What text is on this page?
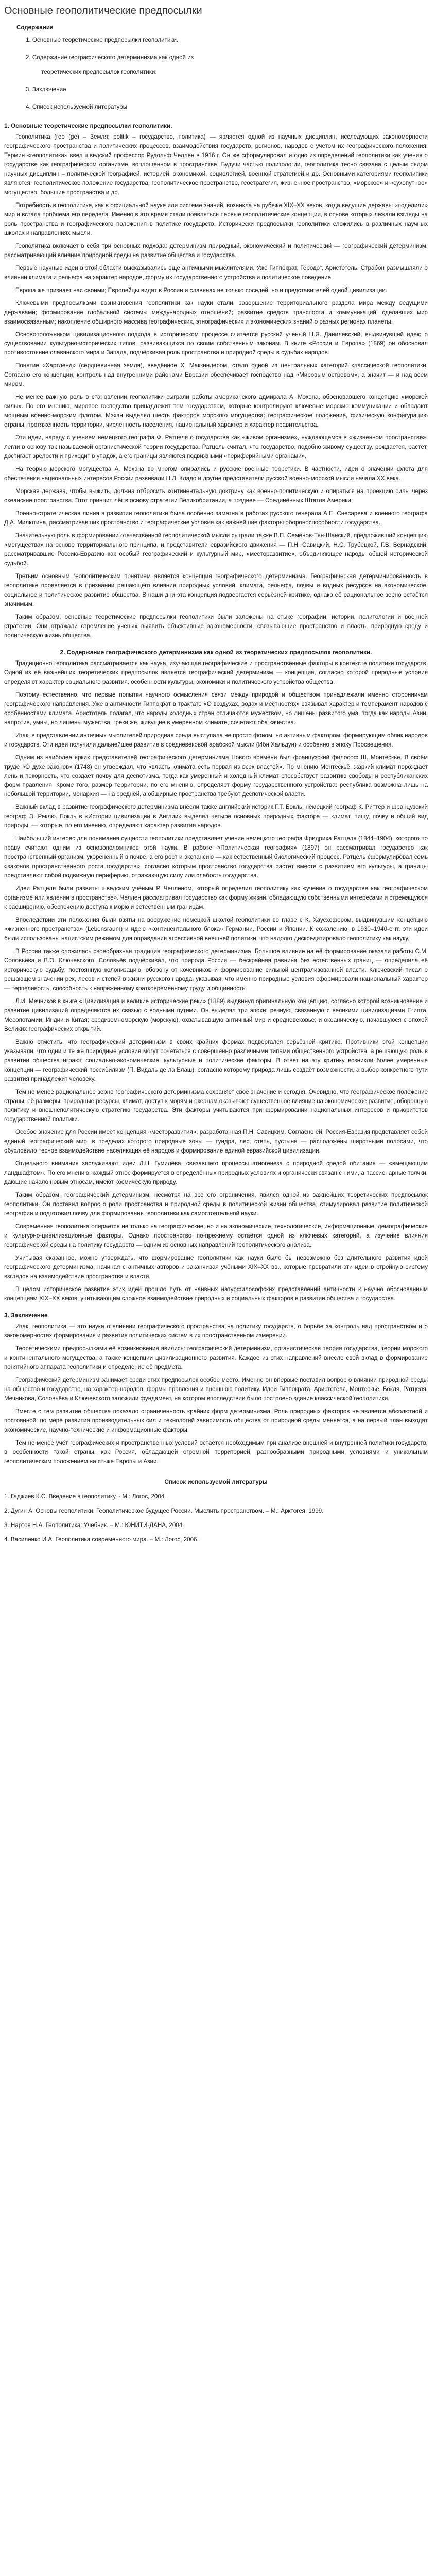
Основные геополитические предпосылки
Содержание
1. Основные теоретические предпосылки геополитики.
2. Содержание географического детерминизма как одной из
теоретических предпосылок геополитики.
3. Заключение
4. Список используемой литературы
1. Основные теоретические предпосылки геополитики.

Геополитика (гео (ge) – Земля; politik – государство, политика) — является одной из научных дисциплин, исследующих закономерности географического пространства и политических процессов, взаимодействия государств, регионов, народов с учетом их географического положения. Термин «геополитика» ввел шведский профессор Рудольф Челлен в 1916 г. Он же сформулировал и одно из определений геополитики как учения о государстве как географическом организме, воплощенном в пространстве. Будучи частью политологии, геополитика тесно связана с целым рядом научных дисциплин – политической географией, историей, экономикой, социологией, военной стратегией и др. Основными категориями геополитики являются: геополитическое положение государства, геополитическое пространство, геостратегия, жизненное пространство, «морское» и «сухопутное» могущество, большие пространства и др.

Потребность в геополитике, как в официальной науке или системе знаний, возникла на рубеже XIX–XX веков, когда ведущие державы «поделили» мир и встала проблема его передела. Именно в это время стали появляться первые геополитические концепции, в основе которых лежали взгляды на роль пространства и географического положения в политике государств. Исторически предпосылки геополитики сложились в различных научных школах и направлениях мысли.

Геополитика включает в себя три основных подхода: детерминизм природный, экономический и политический — географический детерминизм, рассматривающий влияние природной среды на развитие общества и государства.

Первые научные идеи в этой области высказывались ещё античными мыслителями. Уже Гиппократ, Геродот, Аристотель, Страбон размышляли о влиянии климата и рельефа на характер народов, форму их государственного устройства и политическое поведение.

Европа же признает нас своими; Европейцы видят в России и славянах не только соседей, но и представителей одной цивилизации.

Ключевыми предпосылками возникновения геополитики как науки стали: завершение территориального раздела мира между ведущими державами; формирование глобальной системы международных отношений; развитие средств транспорта и коммуникаций, сделавших мир взаимосвязанным; накопление обширного массива географических, этнографических и экономических знаний о разных регионах планеты.

Основоположником цивилизационного подхода в историческом процессе считается русский ученый Н.Я. Данилевский, выдвинувший идею о существовании культурно-исторических типов, развивающихся по своим собственным законам. В книге «Россия и Европа» (1869) он обосновал противостояние славянского мира и Запада, подчёркивая роль пространства и природной среды в судьбах народов.

Понятие «Хартленд» (сердцевинная земля), введённое Х. Маккиндером, стало одной из центральных категорий классической геополитики. Согласно его концепции, контроль над внутренними районами Евразии обеспечивает господство над «Мировым островом», а значит — и над всем миром.

Не менее важную роль в становлении геополитики сыграли работы американского адмирала А. Мэхэна, обосновавшего концепцию «морской силы». По его мнению, мировое господство принадлежит тем государствам, которые контролируют ключевые морские коммуникации и обладают мощным военно-морским флотом. Мэхэн выделял шесть факторов морского могущества: географическое положение, физическую конфигурацию страны, протяжённость территории, численность населения, национальный характер и характер правительства.

Эти идеи, наряду с учением немецкого географа Ф. Ратцеля о государстве как «живом организме», нуждающемся в «жизненном пространстве», легли в основу так называемой органистической теории государства. Ратцель считал, что государство, подобно живому существу, рождается, растёт, достигает зрелости и приходит в упадок, а его границы являются подвижными «периферийными органами».

На теорию морского могущества А. Мэхэна во многом опирались и русские военные теоретики. В частности, идеи о значении флота для обеспечения национальных интересов России развивали Н.Л. Кладо и другие представители русской военно-морской мысли начала XX века.

Морская держава, чтобы выжить, должна отбросить континентальную доктрину как военно-политическую и опираться на проекцию силы через океанские пространства. Этот принцип лёг в основу стратегии Великобритании, а позднее — Соединённых Штатов Америки.

Военно-стратегическая линия в развитии геополитики была особенно заметна в работах русского генерала А.Е. Снесарева и военного географа Д.А. Милютина, рассматривавших пространство и географические условия как важнейшие факторы обороноспособности государства.

Значительную роль в формировании отечественной геополитической мысли сыграли также В.П. Семёнов-Тян-Шанский, предложивший концепцию «могущества» на основе территориального принципа, и представители евразийского движения — П.Н. Савицкий, Н.С. Трубецкой, Г.В. Вернадский, рассматривавшие Россию-Евразию как особый географический и культурный мир, «месторазвитие», объединяющее народы общей исторической судьбой.

Третьим основным геополитическим понятием является концепция географического детерминизма. Географическая детерминированность в геополитике проявляется в признании решающего влияния природных условий, климата, рельефа, почвы и водных ресурсов на экономическое, социальное и политическое развитие общества. В наши дни эта концепция подвергается серьёзной критике, однако её рациональное зерно остаётся значимым.

Таким образом, основные теоретические предпосылки геополитики были заложены на стыке географии, истории, политологии и военной стратегии. Они отражали стремление учёных выявить объективные закономерности, связывающие пространство и власть, природную среду и политическую жизнь общества.

2. Содержание географического детерминизма как одной из теоретических предпосылок геополитики.

Традиционно геополитика рассматривается как наука, изучающая географические и пространственные факторы в контексте политики государств. Одной из её важнейших теоретических предпосылок является географический детерминизм — концепция, согласно которой природные условия определяют характер социального развития, особенности культуры, экономики и политического устройства общества.

Поэтому естественно, что первые попытки научного осмысления связи между природой и обществом принадлежали именно сторонникам географического направления. Уже в античности Гиппократ в трактате «О воздухах, водах и местностях» связывал характер и темперамент народов с особенностями климата. Аристотель полагал, что народы холодных стран отличаются мужеством, но лишены развитого ума, тогда как народы Азии, напротив, умны, но лишены мужества; греки же, живущие в умеренном климате, сочетают оба качества.

Итак, в представлении античных мыслителей природная среда выступала не просто фоном, но активным фактором, формирующим облик народов и государств. Эти идеи получили дальнейшее развитие в средневековой арабской мысли (Ибн Хальдун) и особенно в эпоху Просвещения.

Одним из наиболее ярких представителей географического детерминизма Нового времени был французский философ Ш. Монтескьё. В своём труде «О духе законов» (1748) он утверждал, что «власть климата есть первая из всех властей». По мнению Монтескьё, жаркий климат порождает лень и покорность, что создаёт почву для деспотизма, тогда как умеренный и холодный климат способствует развитию свободы и республиканских форм правления. Кроме того, размер территории, по его мнению, определяет форму государственного устройства: республика возможна лишь на небольшой территории, монархия — на средней, а обширные пространства требуют деспотической власти.

Важный вклад в развитие географического детерминизма внесли также английский историк Г.Т. Бокль, немецкий географ К. Риттер и французский географ Э. Реклю. Бокль в «Истории цивилизации в Англии» выделял четыре основных природных фактора — климат, пищу, почву и общий вид природы, — которые, по его мнению, определяют характер развития народов.

Наибольший интерес для понимания сущности геополитики представляет учение немецкого географа Фридриха Ратцеля (1844–1904), которого по праву считают одним из основоположников этой науки. В работе «Политическая география» (1897) он рассматривал государство как пространственный организм, укоренённый в почве, а его рост и экспансию — как естественный биологический процесс. Ратцель сформулировал семь «законов пространственного роста государств», согласно которым пространство государства растёт вместе с развитием его культуры, а границы представляют собой подвижную периферию, отражающую силу или слабость государства.

Идеи Ратцеля были развиты шведским учёным Р. Челленом, который определил геополитику как «учение о государстве как географическом организме или явлении в пространстве». Челлен рассматривал государство как форму жизни, обладающую собственными интересами и стремящуюся к расширению, обеспечению доступа к морю и естественным границам.

Впоследствии эти положения были взяты на вооружение немецкой школой геополитики во главе с К. Хаусхофером, выдвинувшим концепцию «жизненного пространства» (Lebensraum) и идею «континентального блока» Германии, России и Японии. К сожалению, в 1930–1940-е гг. эти идеи были использованы нацистским режимом для оправдания агрессивной внешней политики, что надолго дискредитировало геополитику как науку.

В России также сложилась своеобразная традиция географического детерминизма. Большое влияние на её формирование оказали работы С.М. Соловьёва и В.О. Ключевского. Соловьёв подчёркивал, что природа России — бескрайняя равнина без естественных границ — определила её историческую судьбу: постоянную колонизацию, оборону от кочевников и формирование сильной централизованной власти. Ключевский писал о решающем значении рек, лесов и степей в жизни русского народа, указывая, что именно природные условия сформировали национальный характер — терпеливость, способность к напряжённому кратковременному труду и общинность.

Л.И. Мечников в книге «Цивилизация и великие исторические реки» (1889) выдвинул оригинальную концепцию, согласно которой возникновение и развитие цивилизаций определяются их связью с водными путями. Он выделял три эпохи: речную, связанную с великими цивилизациями Египта, Месопотамии, Индии и Китая; средиземноморскую (морскую), охватывавшую античный мир и средневековье; и океаническую, начавшуюся с эпохой Великих географических открытий.

Важно отметить, что географический детерминизм в своих крайних формах подвергался серьёзной критике. Противники этой концепции указывали, что одни и те же природные условия могут сочетаться с совершенно различными типами общественного устройства, а решающую роль в развитии общества играют социально-экономические, культурные и политические факторы. В ответ на эту критику возникли более умеренные концепции — географический поссибилизм (П. Видаль де ла Блаш), согласно которому природа лишь создаёт возможности, а выбор конкретного пути развития принадлежит человеку.

Тем не менее рациональное зерно географического детерминизма сохраняет своё значение и сегодня. Очевидно, что географическое положение страны, её размеры, природные ресурсы, климат, доступ к морям и океанам оказывают существенное влияние на экономическое развитие, оборонную политику и внешнеполитическую стратегию государства. Эти факторы учитываются при формировании национальных интересов и приоритетов государственной политики.

Особое значение для России имеет концепция «месторазвития», разработанная П.Н. Савицким. Согласно ей, Россия-Евразия представляет собой единый географический мир, в пределах которого природные зоны — тундра, лес, степь, пустыня — расположены широтными полосами, что обусловило тесное взаимодействие населяющих её народов и формирование единой евразийской цивилизации.

Отдельного внимания заслуживают идеи Л.Н. Гумилёва, связавшего процессы этногенеза с природной средой обитания — «вмещающим ландшафтом». По его мнению, каждый этнос формируется в определённых природных условиях и органически связан с ними, а пассионарные толчки, дающие начало новым этносам, имеют космическую природу.

Таким образом, географический детерминизм, несмотря на все его ограничения, явился одной из важнейших теоретических предпосылок геополитики. Он поставил вопрос о роли пространства и природной среды в политической жизни общества, стимулировал развитие политической географии и подготовил почву для формирования геополитики как самостоятельной науки.

Современная геополитика опирается не только на географические, но и на экономические, технологические, информационные, демографические и культурно-цивилизационные факторы. Однако пространство по-прежнему остаётся одной из ключевых категорий, а изучение влияния географической среды на политику государств — одним из основных направлений геополитического анализа.

Учитывая сказанное, можно утверждать, что формирование геополитики как науки было бы невозможно без длительного развития идей географического детерминизма, начиная с античных авторов и заканчивая учёными XIX–XX вв., которые превратили эти идеи в стройную систему взглядов на взаимодействие пространства и власти.

В целом историческое развитие этих идей прошло путь от наивных натурфилософских представлений античности к научно обоснованным концепциям XIX–XX веков, учитывающим сложное взаимодействие природных и социальных факторов в развитии общества и государства.

3. Заключение

Итак, геополитика — это наука о влиянии географического пространства на политику государств, о борьбе за контроль над пространством и о закономерностях формирования и развития политических систем в их пространственном измерении.

Теоретическими предпосылками её возникновения явились: географический детерминизм, органистическая теория государства, теории морского и континентального могущества, а также концепции цивилизационного развития. Каждое из этих направлений внесло свой вклад в формирование понятийного аппарата геополитики и определение её предмета.

Географический детерминизм занимает среди этих предпосылок особое место. Именно он впервые поставил вопрос о влиянии природной среды на общество и государство, на характер народов, формы правления и внешнюю политику. Идеи Гиппократа, Аристотеля, Монтескьё, Бокля, Ратцеля, Мечникова, Соловьёва и Ключевского заложили фундамент, на котором впоследствии было построено здание классической геополитики.

Вместе с тем развитие общества показало ограниченность крайних форм детерминизма. Роль природных факторов не является абсолютной и постоянной: по мере развития производительных сил и технологий зависимость общества от природной среды меняется, а на первый план выходят экономические, научно-технические и информационные факторы.

Тем не менее учёт географических и пространственных условий остаётся необходимым при анализе внешней и внутренней политики государств, в особенности такой страны, как Россия, обладающей огромной территорией, разнообразными природными условиями и уникальным геополитическим положением на стыке Европы и Азии.

Список используемой литературы

1. Гаджиев К.С. Введение в геополитику. - М.: Логос, 2004.

2. Дугин А. Основы геополитики. Геополитическое будущее России. Мыслить пространством. – М.: Арктогея, 1999.

3. Нартов Н.А. Геополитика: Учебник. – М.: ЮНИТИ-ДАНА, 2004.

4. Василенко И.А. Геополитика современного мира. – М.: Логос, 2006.
